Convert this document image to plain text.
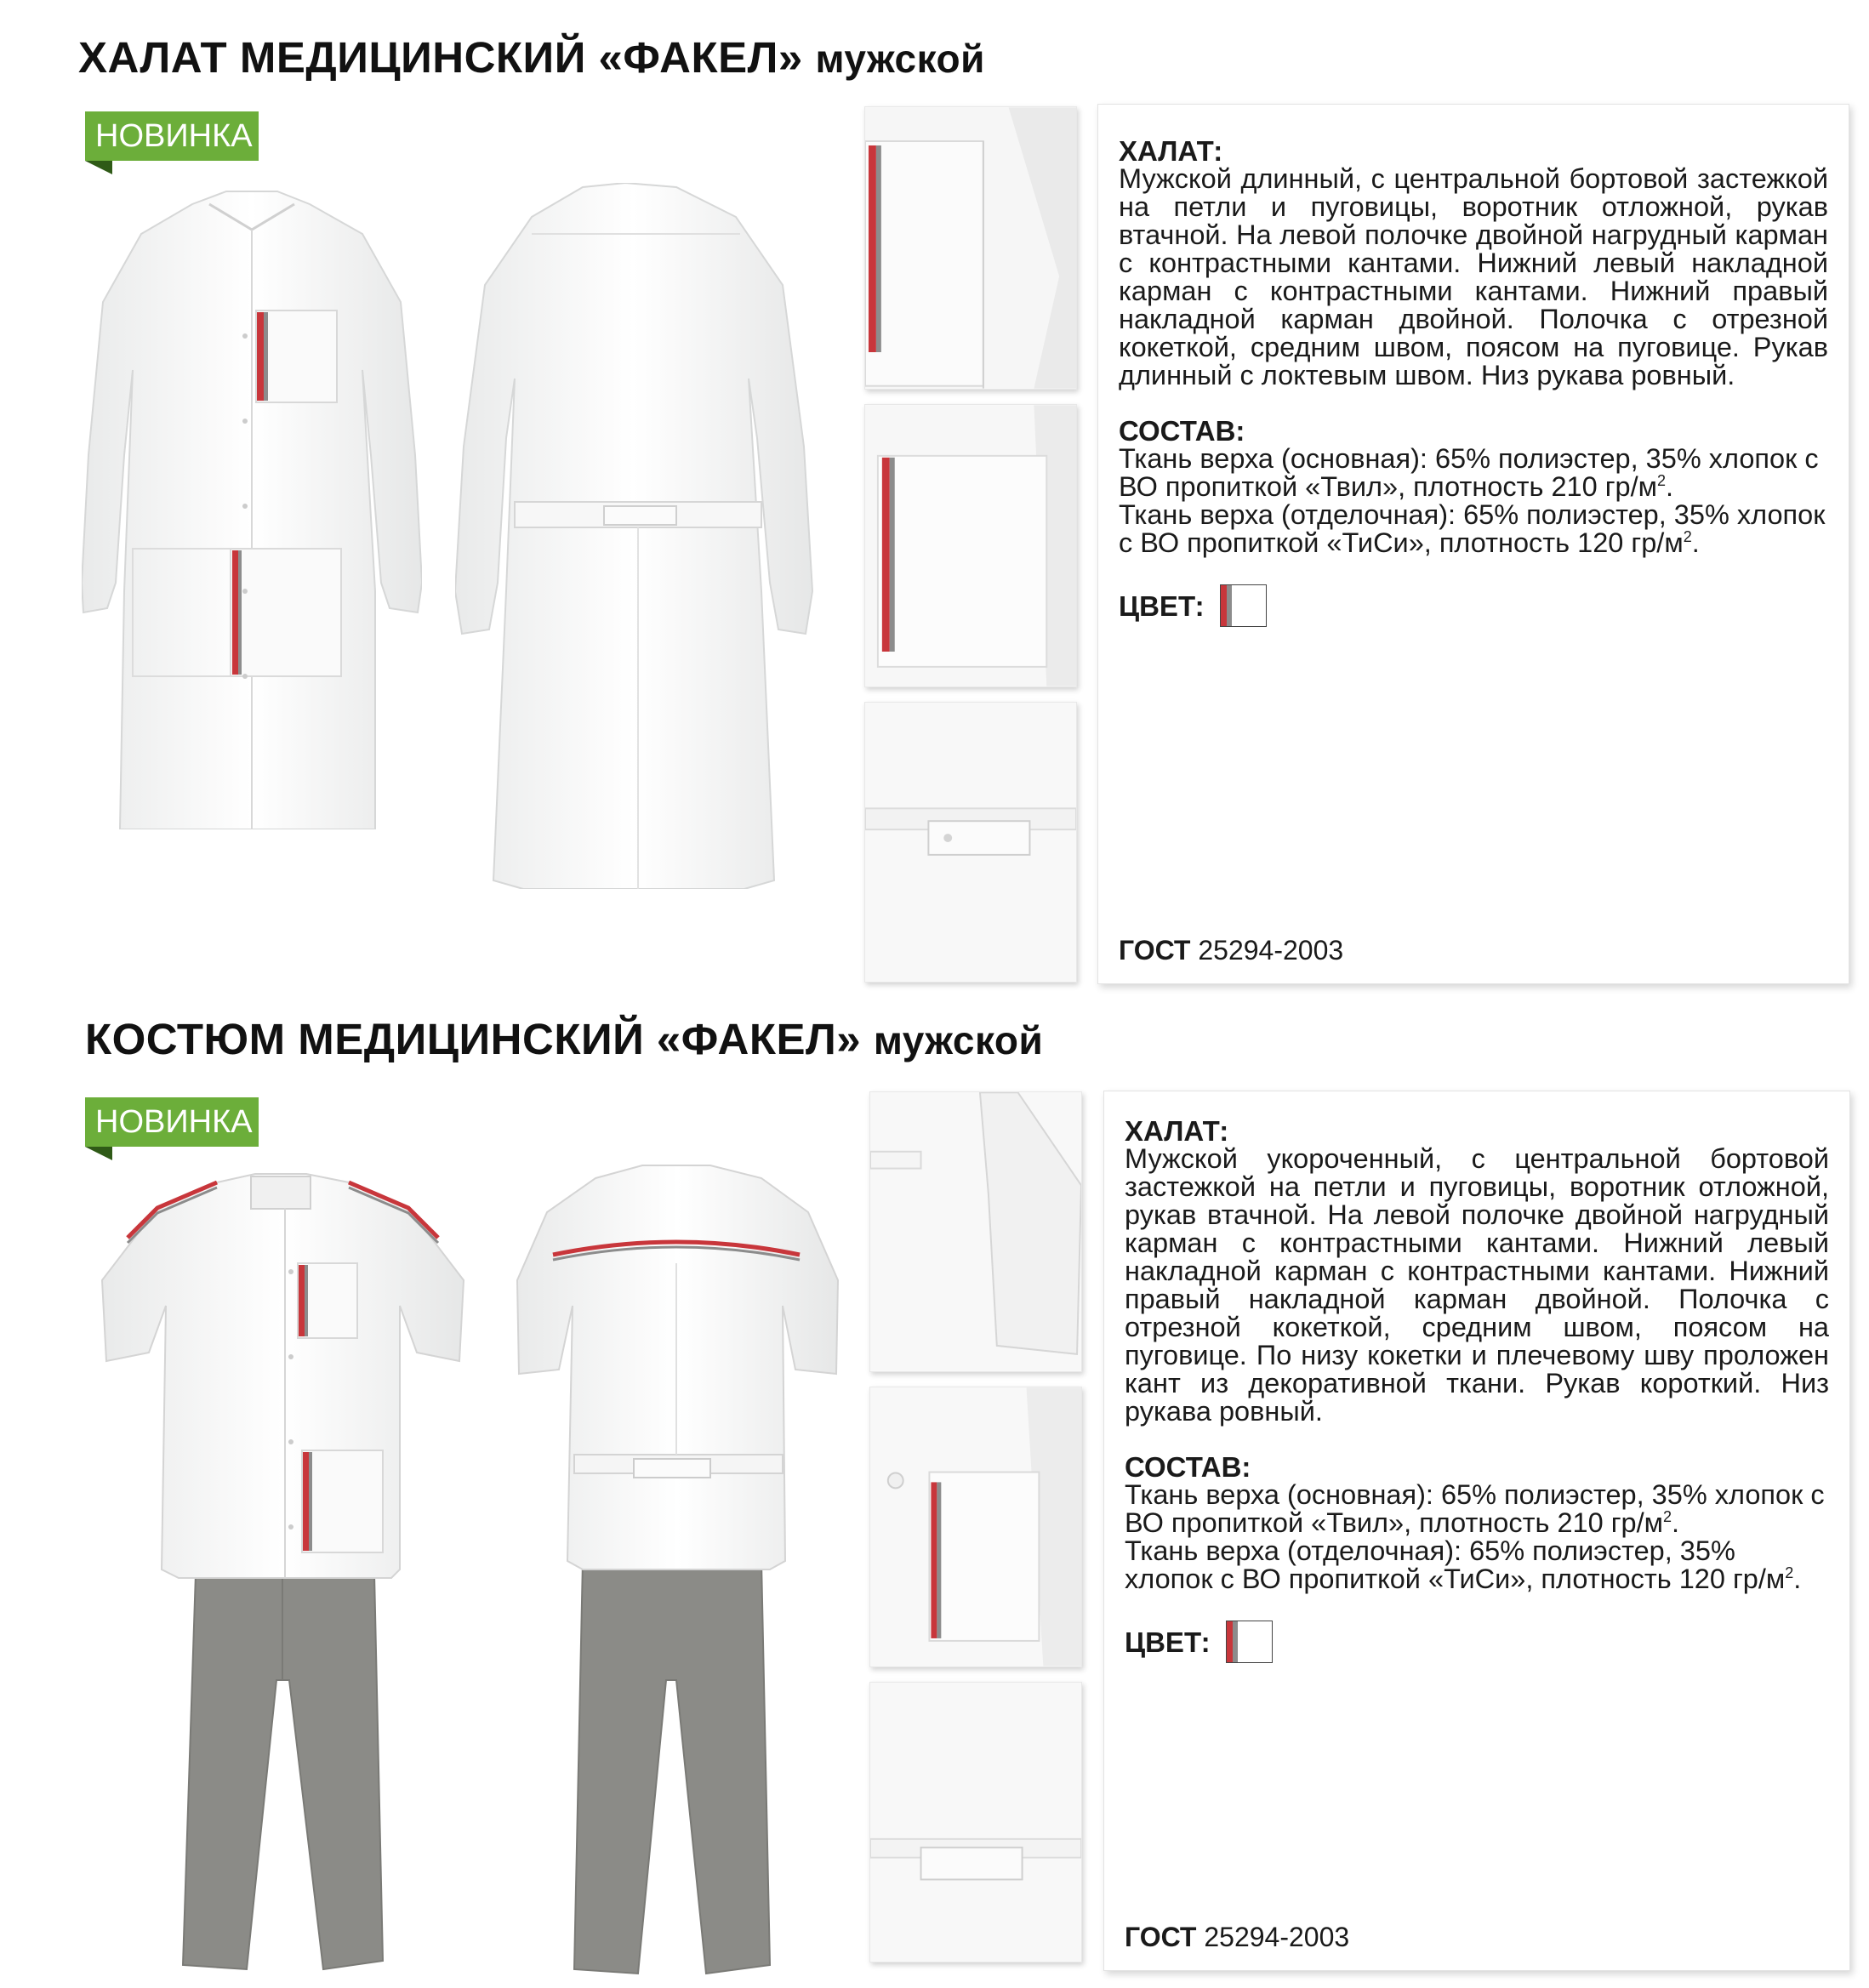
ХАЛАТ МЕДИЦИНСКИЙ «ФАКЕЛ» мужской
НОВИНКА	ХАЛАТ:
Мужской длинный, с центральной бортовой застежкой на петли и пуговицы, воротник отложной, рукав втачной. На левой полочке двойной нагрудный карман с контрастными кантами. Нижний левый накладной карман с контрастными кантами. Нижний правый накладной карман двойной. Полочка с отрезной кокеткой, средним швом, поясом на пуговице. Рукав длинный с локтевым швом. Низ рукава ровный.
СОСТАВ:
Ткань верха (основная): 65% полиэстер, 35% хлопок с ВО пропиткой «Твил», плотность 210 $гр/м^2$.
Ткань верха (отделочная): 65% полиэстер, 35% хлопок с ВО пропиткой «ТиСи», плотность 120 $гр/м^2$.
ЦВЕТ:
ГОСТ 25294-2003
КОСТЮМ МЕДИЦИНСКИЙ «ФАКЕЛ» мужской
НОВИНКА	ХАЛАТ:
Мужской укороченный, с центральной бортовой застежкой на петли и пуговицы, воротник отложной, рукав втачной. На левой полочке двойной нагрудный карман с контрастными кантами. Нижний левый накладной карман с контрастными кантами. Нижний правый накладной карман двойной. Полочка с отрезной кокеткой, средним швом, поясом на пуговице. По низу кокетки и плечевому шву проложен кант из декоративной ткани. Рукав короткий. Низ рукава ровный.
СОСТАВ:
Ткань верха (основная): 65% полиэстер, 35% хлопок с ВО пропиткой «Твил», плотность 210 $гр/м^2$.
Ткань верха (отделочная): 65% полиэстер, 35% хлопок с ВО пропиткой «ТиСи», плотность 120 $гр/м^2$.
ЦВЕТ:
ГОСТ 25294-2003
